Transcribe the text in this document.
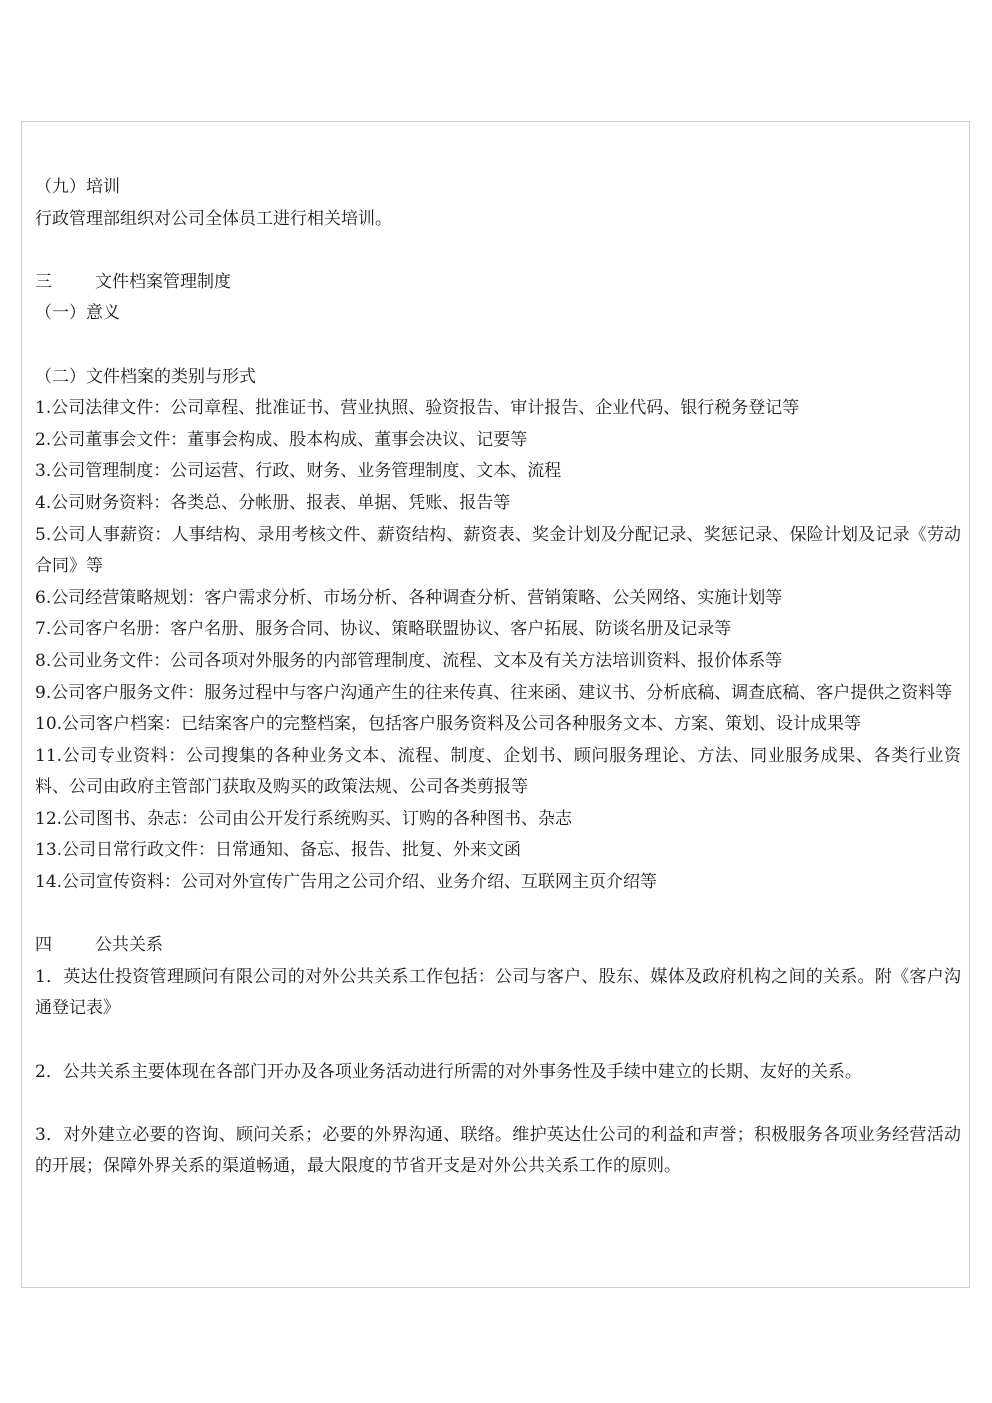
（九）培训
行政管理部组织对公司全体员工进行相关培训。
三	文件档案管理制度
（一）意义
（二）文件档案的类别与形式
1.公司法律文件：公司章程、批准证书、营业执照、验资报告、审计报告、企业代码、银行税务登记等
2.公司董事会文件：董事会构成、股本构成、董事会决议、记要等
3.公司管理制度：公司运营、行政、财务、业务管理制度、文本、流程
4.公司财务资料：各类总、分帐册、报表、单据、凭账、报告等
5.公司人事薪资：人事结构、录用考核文件、薪资结构、薪资表、奖金计划及分配记录、奖惩记录、保险计划及记录《劳动合同》等
6.公司经营策略规划：客户需求分析、市场分析、各种调查分析、营销策略、公关网络、实施计划等
7.公司客户名册：客户名册、服务合同、协议、策略联盟协议、客户拓展、防谈名册及记录等
8.公司业务文件：公司各项对外服务的内部管理制度、流程、文本及有关方法培训资料、报价体系等
9.公司客户服务文件：服务过程中与客户沟通产生的往来传真、往来函、建议书、分析底稿、调查底稿、客户提供之资料等
10.公司客户档案：已结案客户的完整档案，包括客户服务资料及公司各种服务文本、方案、策划、设计成果等
11.公司专业资料：公司搜集的各种业务文本、流程、制度、企划书、顾问服务理论、方法、同业服务成果、各类行业资料、公司由政府主管部门获取及购买的政策法规、公司各类剪报等
12.公司图书、杂志：公司由公开发行系统购买、订购的各种图书、杂志
13.公司日常行政文件：日常通知、备忘、报告、批复、外来文函
14.公司宣传资料：公司对外宣传广告用之公司介绍、业务介绍、互联网主页介绍等
四	公共关系
1．英达仕投资管理顾问有限公司的对外公共关系工作包括：公司与客户、股东、媒体及政府机构之间的关系。附《客户沟通登记表》
2．公共关系主要体现在各部门开办及各项业务活动进行所需的对外事务性及手续中建立的长期、友好的关系。
3．对外建立必要的咨询、顾问关系；必要的外界沟通、联络。维护英达仕公司的利益和声誉；积极服务各项业务经营活动的开展；保障外界关系的渠道畅通，最大限度的节省开支是对外公共关系工作的原则。
